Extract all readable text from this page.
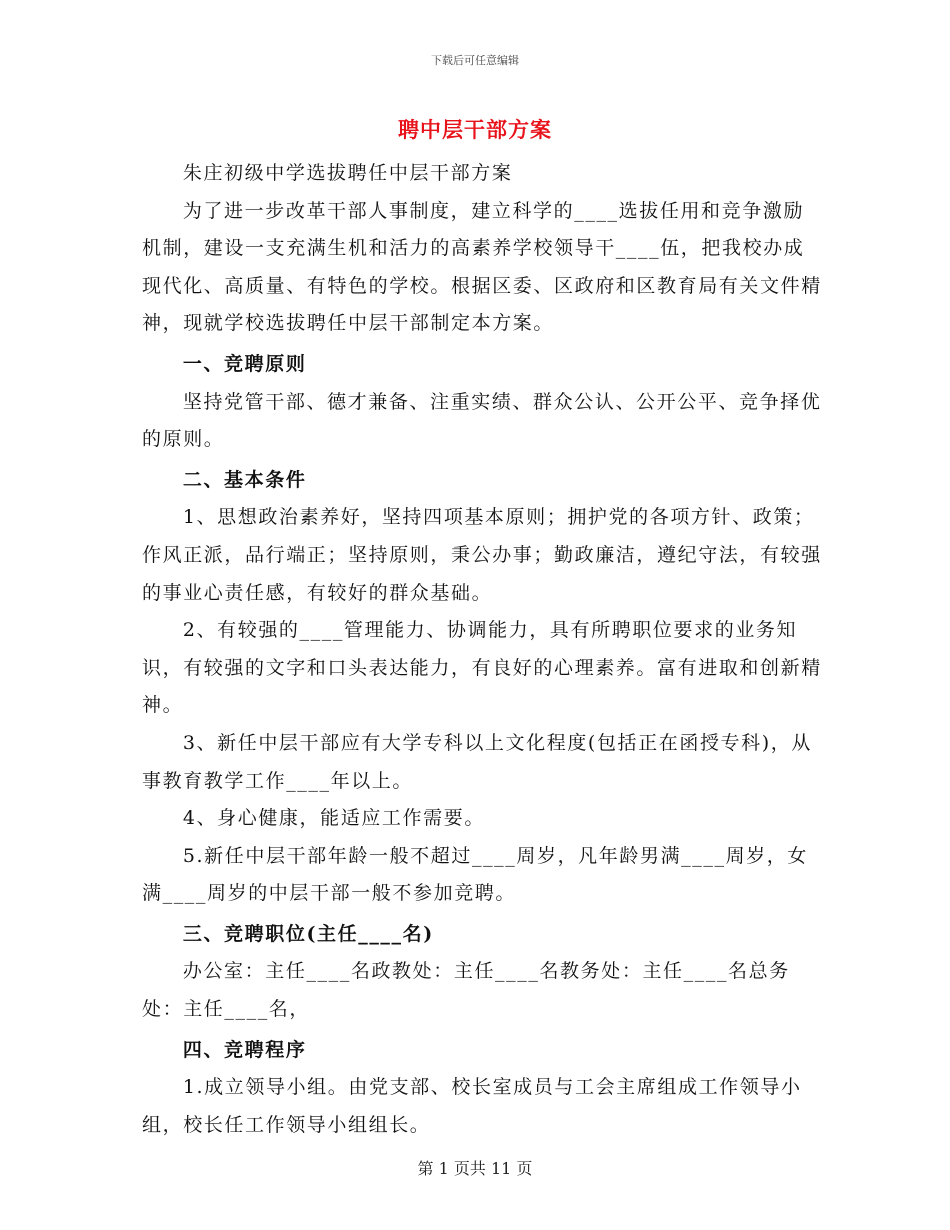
下载后可任意编辑
聘中层干部方案

朱庄初级中学选拔聘任中层干部方案

为了进一步改革干部人事制度，建立科学的____选拔任用和竞争激励机制，建设一支充满生机和活力的高素养学校领导干____伍，把我校办成现代化、高质量、有特色的学校。根据区委、区政府和区教育局有关文件精神，现就学校选拔聘任中层干部制定本方案。

一、竞聘原则

坚持党管干部、德才兼备、注重实绩、群众公认、公开公平、竞争择优的原则。

二、基本条件

1、思想政治素养好，坚持四项基本原则；拥护党的各项方针、政策；作风正派，品行端正；坚持原则，秉公办事；勤政廉洁，遵纪守法，有较强的事业心责任感，有较好的群众基础。

2、有较强的____管理能力、协调能力，具有所聘职位要求的业务知识，有较强的文字和口头表达能力，有良好的心理素养。富有进取和创新精神。

3、新任中层干部应有大学专科以上文化程度(包括正在函授专科)，从事教育教学工作____年以上。

4、身心健康，能适应工作需要。

5.新任中层干部年龄一般不超过____周岁，凡年龄男满____周岁，女满____周岁的中层干部一般不参加竞聘。

三、竞聘职位(主任____名)

办公室：主任____名政教处：主任____名教务处：主任____名总务处：主任____名，

四、竞聘程序

1.成立领导小组。由党支部、校长室成员与工会主席组成工作领导小组，校长任工作领导小组组长。

第 1 页共 11 页
